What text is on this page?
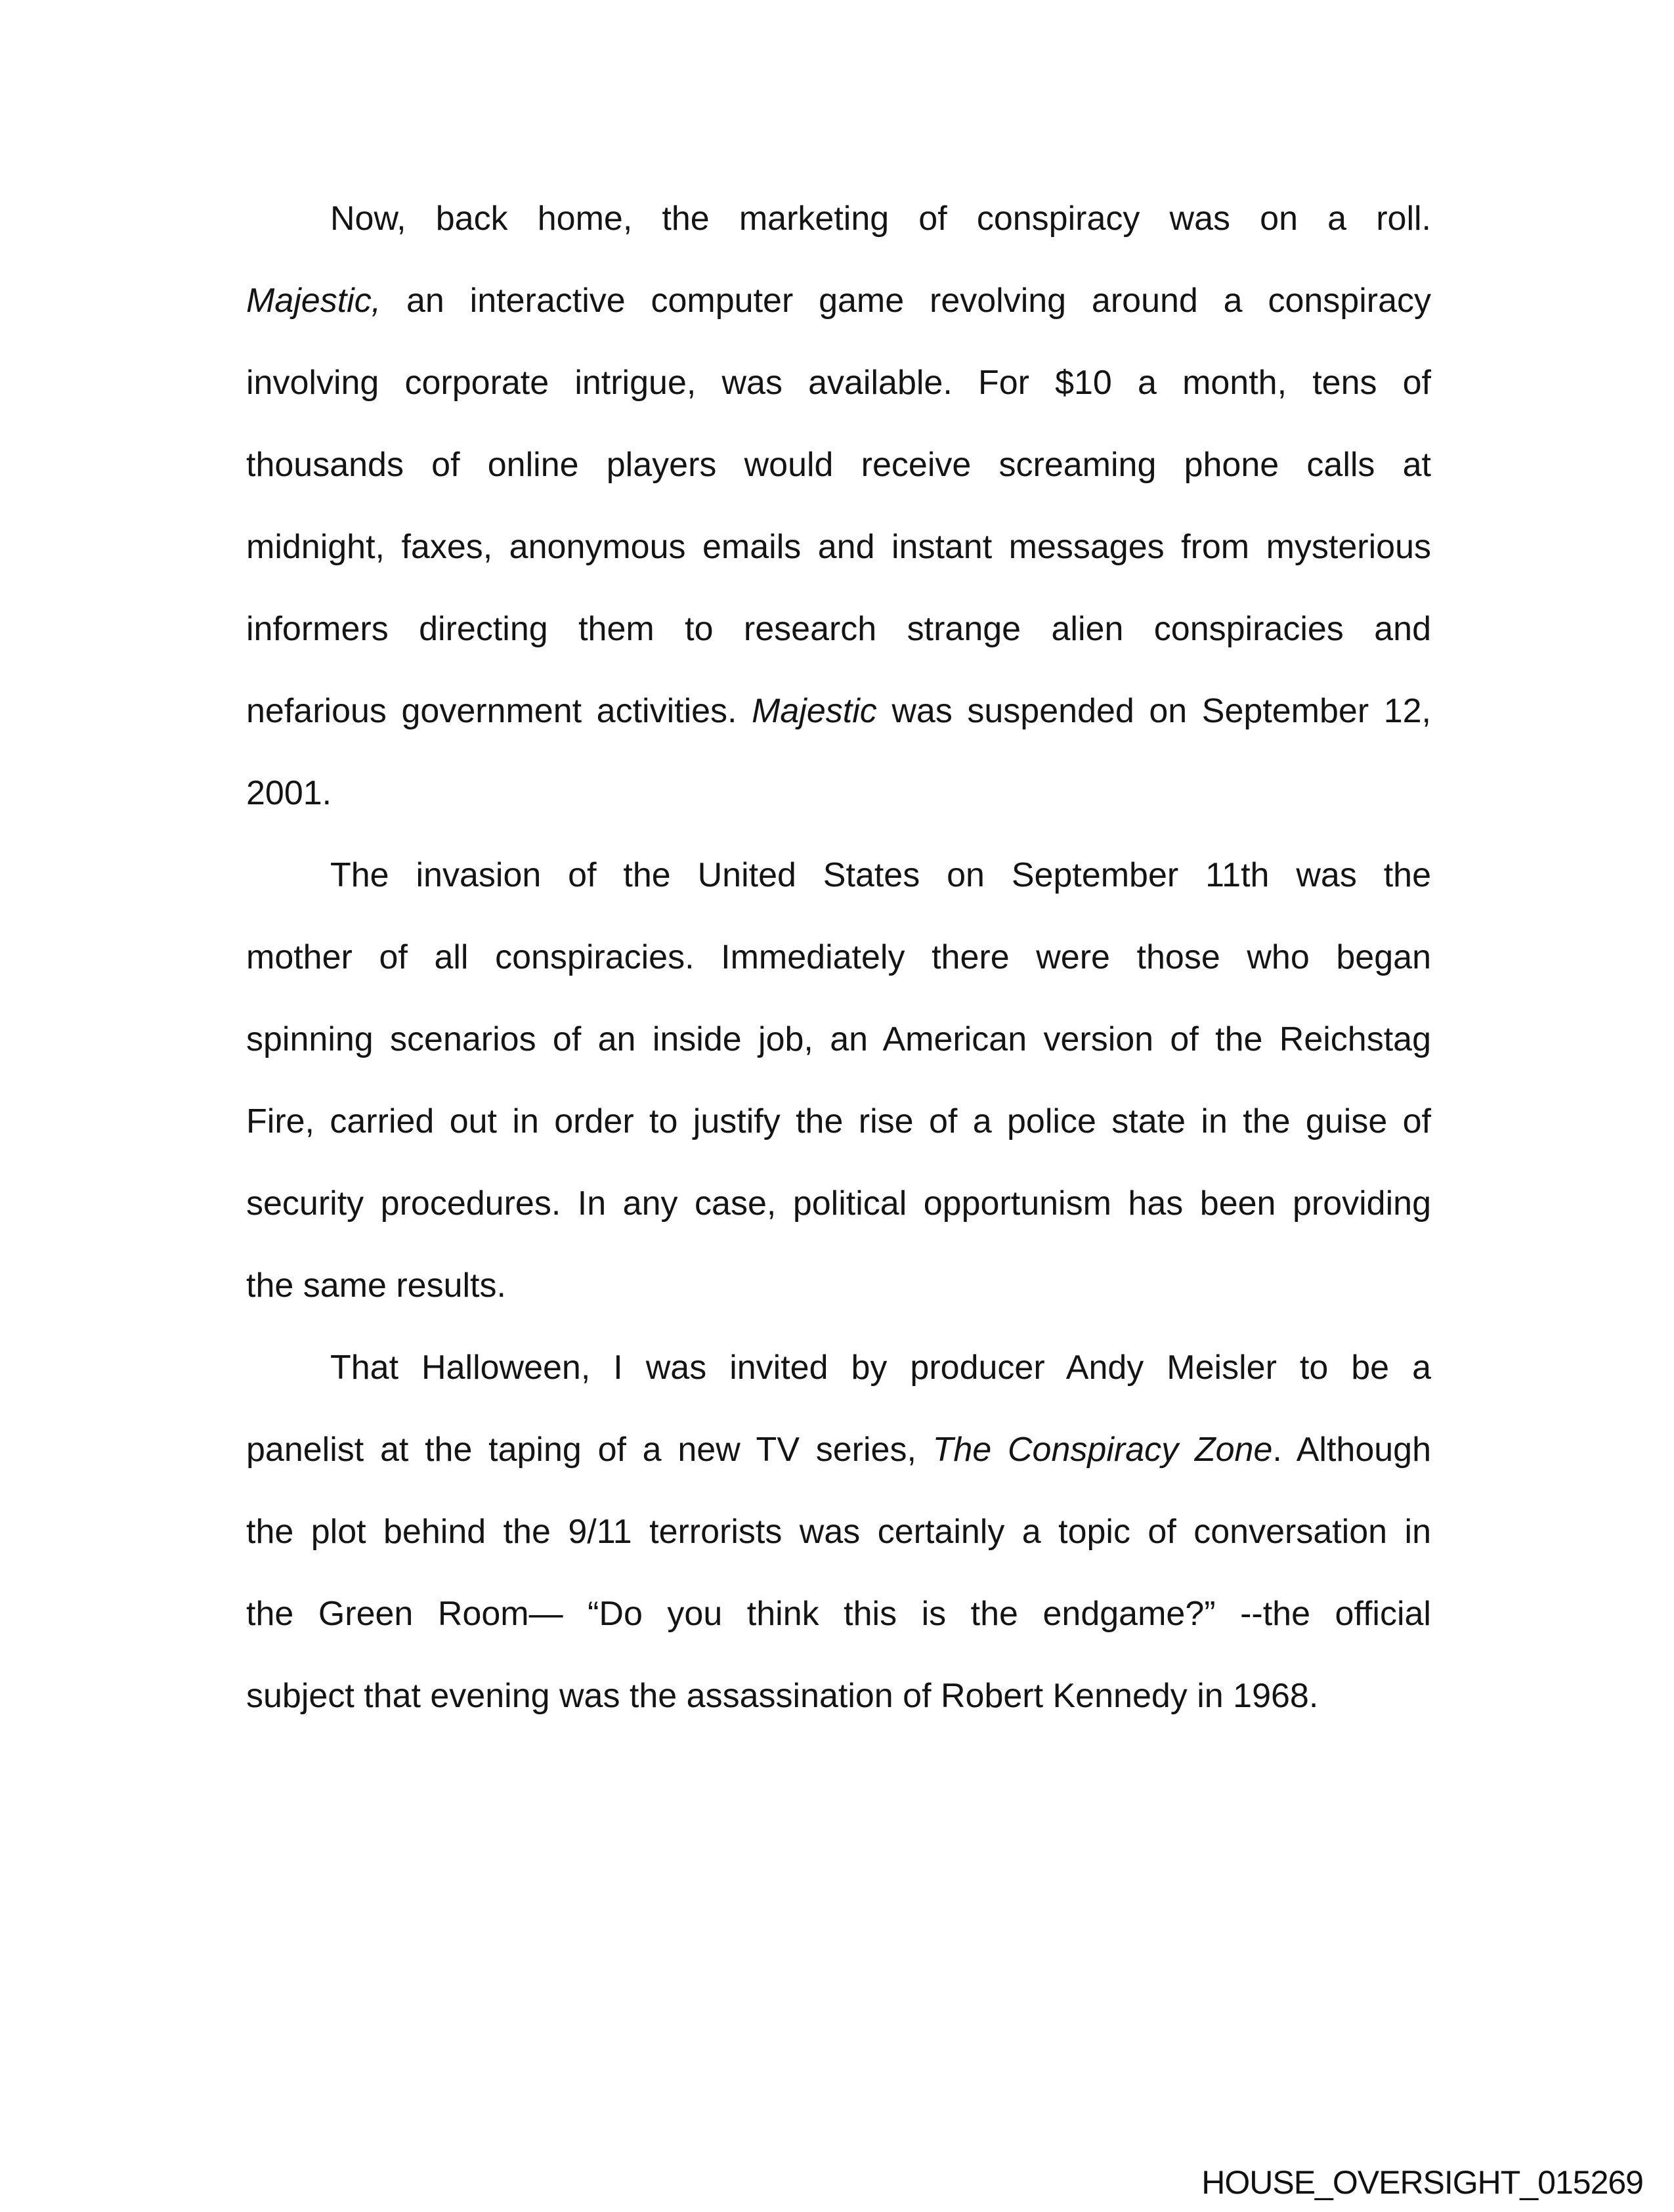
Now, back home, the marketing of conspiracy was on a roll.
Majestic, an interactive computer game revolving around a conspiracy
involving corporate intrigue, was available. For $10 a month, tens of
thousands of online players would receive screaming phone calls at
midnight, faxes, anonymous emails and instant messages from mysterious
informers directing them to research strange alien conspiracies and
nefarious government activities. Majestic was suspended on September 12,
2001.
The invasion of the United States on September 11th was the
mother of all conspiracies. Immediately there were those who began
spinning scenarios of an inside job, an American version of the Reichstag
Fire, carried out in order to justify the rise of a police state in the guise of
security procedures. In any case, political opportunism has been providing
the same results.
That Halloween, I was invited by producer Andy Meisler to be a
panelist at the taping of a new TV series, The Conspiracy Zone. Although
the plot behind the 9/11 terrorists was certainly a topic of conversation in
the Green Room— “Do you think this is the endgame?” --the official
subject that evening was the assassination of Robert Kennedy in 1968.
HOUSE_OVERSIGHT_015269
